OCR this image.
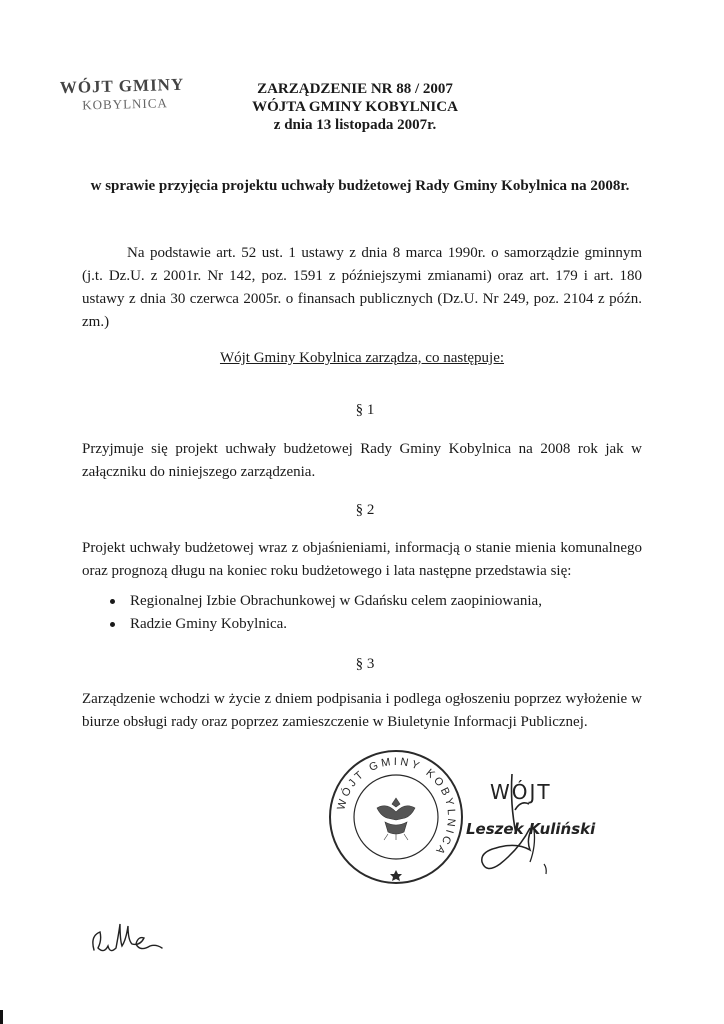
WÓJT GMINY
KOBYLNICA
ZARZĄDZENIE NR 88 / 2007
WÓJTA GMINY KOBYLNICA
z dnia 13 listopada 2007r.
w sprawie przyjęcia projektu uchwały budżetowej Rady Gminy Kobylnica na 2008r.
Na podstawie art. 52 ust. 1 ustawy z dnia 8 marca 1990r. o samorządzie gminnym (j.t. Dz.U. z 2001r. Nr 142, poz. 1591 z późniejszymi zmianami) oraz art. 179 i art. 180 ustawy z dnia 30 czerwca 2005r. o finansach publicznych (Dz.U. Nr 249, poz. 2104 z późn. zm.)
Wójt Gminy Kobylnica zarządza, co następuje:
§ 1
Przyjmuje się projekt uchwały budżetowej Rady Gminy Kobylnica na 2008 rok jak w załączniku do niniejszego zarządzenia.
§ 2
Projekt uchwały budżetowej wraz z objaśnieniami, informacją o stanie mienia komunalnego oraz prognozą długu na koniec roku budżetowego i lata następne przedstawia się:
Regionalnej Izbie Obrachunkowej w Gdańsku celem zaopiniowania,
Radzie Gminy Kobylnica.
§ 3
Zarządzenie wchodzi w życie z dniem podpisania i podlega ogłoszeniu poprzez wyłożenie w biurze obsługi rady oraz poprzez zamieszczenie w Biuletynie Informacji Publicznej.
WÓJT GMINY KOBYLNICA
WÓJT
Leszek Kuliński
